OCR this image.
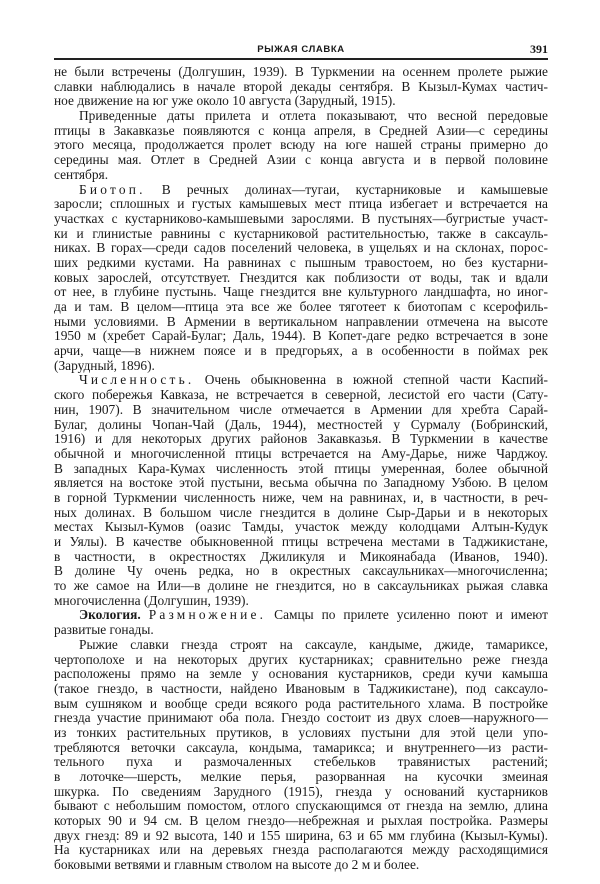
РЫЖАЯ СЛАВКА	391
не были встречены (Долгушин, 1939). В Туркмении на осеннем пролете рыжие
славки наблюдались в начале второй декады сентября. В Кызыл-Кумах частич-
ное движение на юг уже около 10 августа (Зарудный, 1915).
Приведенные даты прилета и отлета показывают, что весной передовые
птицы в Закавказье появляются с конца апреля, в Средней Азии—с середины
этого месяца, продолжается пролет всюду на юге нашей страны примерно до
середины мая. Отлет в Средней Азии с конца августа и в первой половине
сентября.
Биотоп. В речных долинах—тугаи, кустарниковые и камышевые
заросли; сплошных и густых камышевых мест птица избегает и встречается на
участках с кустарниково-камышевыми зарослями. В пустынях—бугристые участ-
ки и глинистые равнины с кустарниковой растительностью, также в саксауль-
никах. В горах—среди садов поселений человека, в ущельях и на склонах, порос-
ших редкими кустами. На равнинах с пышным травостоем, но без кустарни-
ковых зарослей, отсутствует. Гнездится как поблизости от воды, так и вдали
от нее, в глубине пустынь. Чаще гнездится вне культурного ландшафта, но иног-
да и там. В целом—птица эта все же более тяготеет к биотопам с ксерофиль-
ными условиями. В Армении в вертикальном направлении отмечена на высоте
1950 м (хребет Сарай-Булаг; Даль, 1944). В Копет-даге редко встречается в зоне
арчи, чаще—в нижнем поясе и в предгорьях, а в особенности в поймах рек
(Зарудный, 1896).
Численность. Очень обыкновенна в южной степной части Каспий-
ского побережья Кавказа, не встречается в северной, лесистой его части (Сату-
нин, 1907). В значительном числе отмечается в Армении для хребта Сарай-
Булаг, долины Чопан-Чай (Даль, 1944), местностей у Сурмалу (Бобринский,
1916) и для некоторых других районов Закавказья. В Туркмении в качестве
обычной и многочисленной птицы встречается на Аму-Дарье, ниже Чарджоу.
В западных Кара-Кумах численность этой птицы умеренная, более обычной
является на востоке этой пустыни, весьма обычна по Западному Узбою. В целом
в горной Туркмении численность ниже, чем на равнинах, и, в частности, в реч-
ных долинах. В большом числе гнездится в долине Сыр-Дарьи и в некоторых
местах Кызыл-Кумов (оазис Тамды, участок между колодцами Алтын-Кудук
и Уялы). В качестве обыкновенной птицы встречена местами в Таджикистане,
в частности, в окрестностях Джиликуля и Микоянабада (Иванов, 1940).
В долине Чу очень редка, но в окрестных саксаульниках—многочисленна;
то же самое на Или—в долине не гнездится, но в саксаульниках рыжая славка
многочисленна (Долгушин, 1939).
Экология. Размножение. Самцы по прилете усиленно поют и имеют
развитые гонады.
Рыжие славки гнезда строят на саксауле, кандыме, джиде, тамариксе,
чертополохе и на некоторых других кустарниках; сравнительно реже гнезда
расположены прямо на земле у основания кустарников, среди кучи камыша
(такое гнездо, в частности, найдено Ивановым в Таджикистане), под саксауло-
вым сушняком и вообще среди всякого рода растительного хлама. В постройке
гнезда участие принимают оба пола. Гнездо состоит из двух слоев—наружного—
из тонких растительных прутиков, в условиях пустыни для этой цели упо-
требляются веточки саксаула, кондыма, тамарикса; и внутреннего—из расти-
тельного пуха и размочаленных стебельков травянистых растений;
в лоточке—шерсть, мелкие перья, разорванная на кусочки змеиная
шкурка. По сведениям Зарудного (1915), гнезда у оснований кустарников
бывают с небольшим помостом, отлого спускающимся от гнезда на землю, длина
которых 90 и 94 см. В целом гнездо—небрежная и рыхлая постройка. Размеры
двух гнезд: 89 и 92 высота, 140 и 155 ширина, 63 и 65 мм глубина (Кызыл-Кумы).
На кустарниках или на деревьях гнезда располагаются между расходящимися
боковыми ветвями и главным стволом на высоте до 2 м и более.
